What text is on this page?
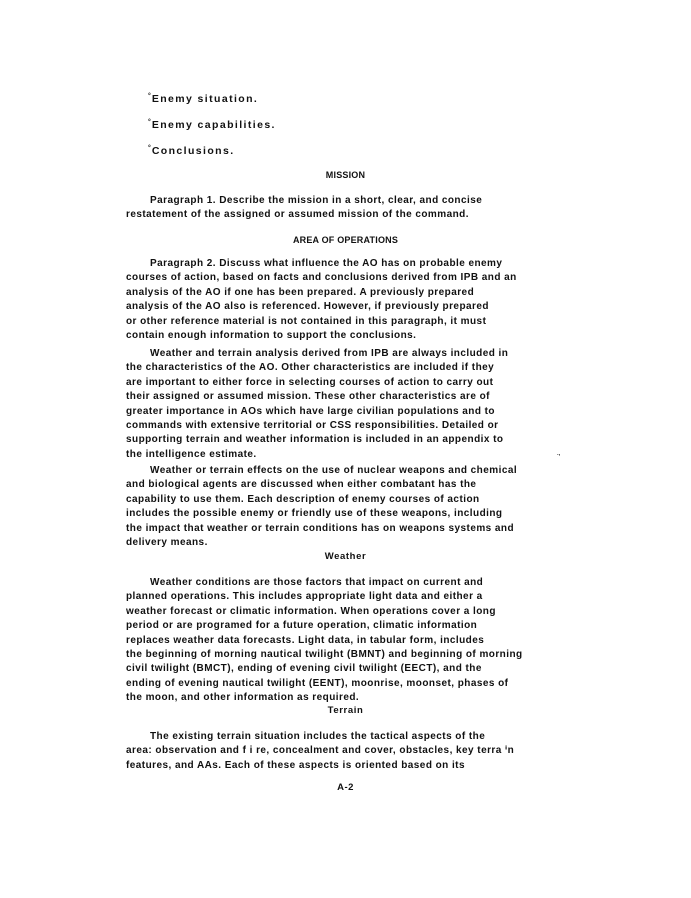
°Enemy situation.
°Enemy capabilities.
°Conclusions.
MISSION
Paragraph 1. Describe the mission in a short, clear, and concise
restatement of the assigned or assumed mission of the command.
AREA OF OPERATIONS
Paragraph 2. Discuss what influence the AO has on probable enemy
courses of action, based on facts and conclusions derived from IPB and an
analysis of the AO if one has been prepared. A previously prepared
analysis of the AO also is referenced. However, if previously prepared
or other reference material is not contained in this paragraph, it must
contain enough information to support the conclusions.
Weather and terrain analysis derived from IPB are always included in
the characteristics of the AO. Other characteristics are included if they
are important to either force in selecting courses of action to carry out
their assigned or assumed mission. These other characteristics are of
greater importance in AOs which have large civilian populations and to
commands with extensive territorial or CSS responsibilities. Detailed or
supporting terrain and weather information is included in an appendix to
the intelligence estimate.	.,
Weather or terrain effects on the use of nuclear weapons and chemical
and biological agents are discussed when either combatant has the
capability to use them. Each description of enemy courses of action
includes the possible enemy or friendly use of these weapons, including
the impact that weather or terrain conditions has on weapons systems and
delivery means.
Weather
Weather conditions are those factors that impact on current and
planned operations. This includes appropriate light data and either a
weather forecast or climatic information. When operations cover a long
period or are programed for a future operation, climatic information
replaces weather data forecasts. Light data, in tabular form, includes
the beginning of morning nautical twilight (BMNT) and beginning of morning
civil twilight (BMCT), ending of evening civil twilight (EECT), and the
ending of evening nautical twilight (EENT), moonrise, moonset, phases of
the moon, and other information as required.
Terrain
The existing terrain situation includes the tactical aspects of the
area: observation and f i re, concealment and cover, obstacles, key terra ⁱn
features, and AAs. Each of these aspects is oriented based on its
A-2
